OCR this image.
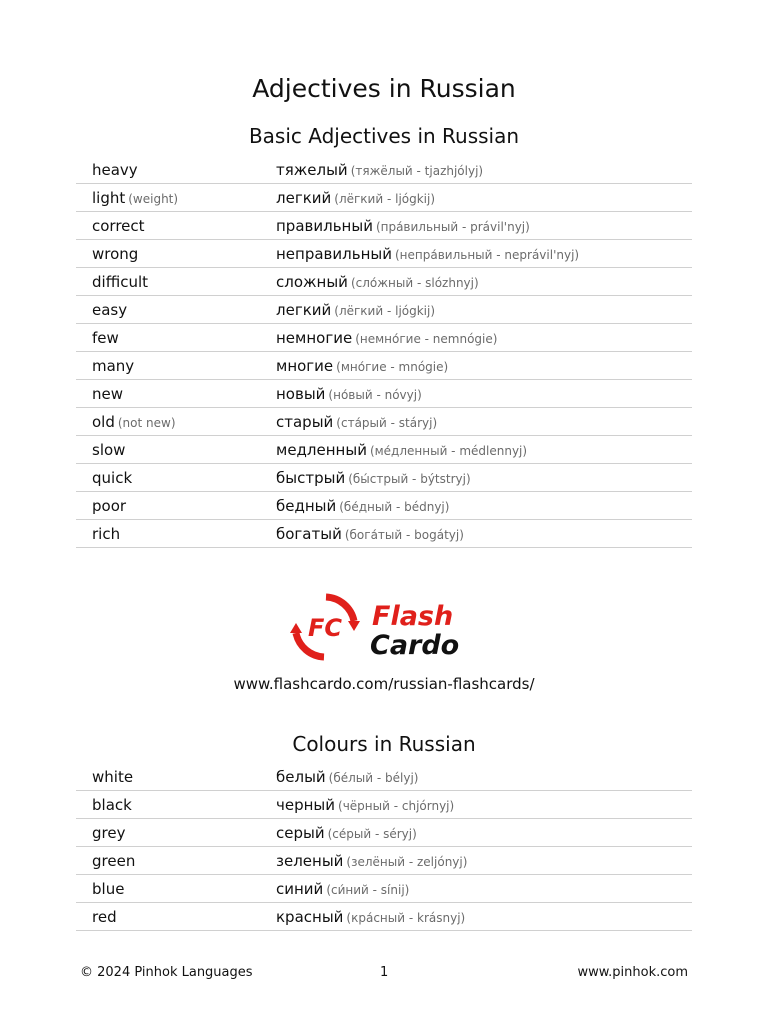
Adjectives in Russian
Basic Adjectives in Russian
heavy	тяжелый (тяжёлый - tjazhjólyj)
light (weight)	легкий (лёгкий - ljógkij)
correct	правильный (пра́вильный - právil'nyj)
wrong	неправильный (непра́вильный - neprávil'nyj)
difficult	сложный (сло́жный - slózhnyj)
easy	легкий (лёгкий - ljógkij)
few	немногие (немно́гие - nemnógie)
many	многие (мно́гие - mnógie)
new	новый (но́вый - nóvyj)
old (not new)	старый (ста́рый - stáryj)
slow	медленный (ме́дленный - médlennyj)
quick	быстрый (бы́стрый - být​stryj)
poor	бедный (бе́дный - bédnyj)
rich	богатый (бога́тый - bogátyj)
FC Flash
Cardo
www.flashcardo.com/russian-flashcards/
Colours in Russian
white	белый (бе́лый - bélyj)
black	черный (чёрный - chjórnyj)
grey	серый (се́рый - séryj)
green	зеленый (зелёный - zeljónyj)
blue	синий (си́ний - sínij)
red	красный (кра́сный - krásnyj)
© 2024 Pinhok Languages	1	www.pinhok.com
